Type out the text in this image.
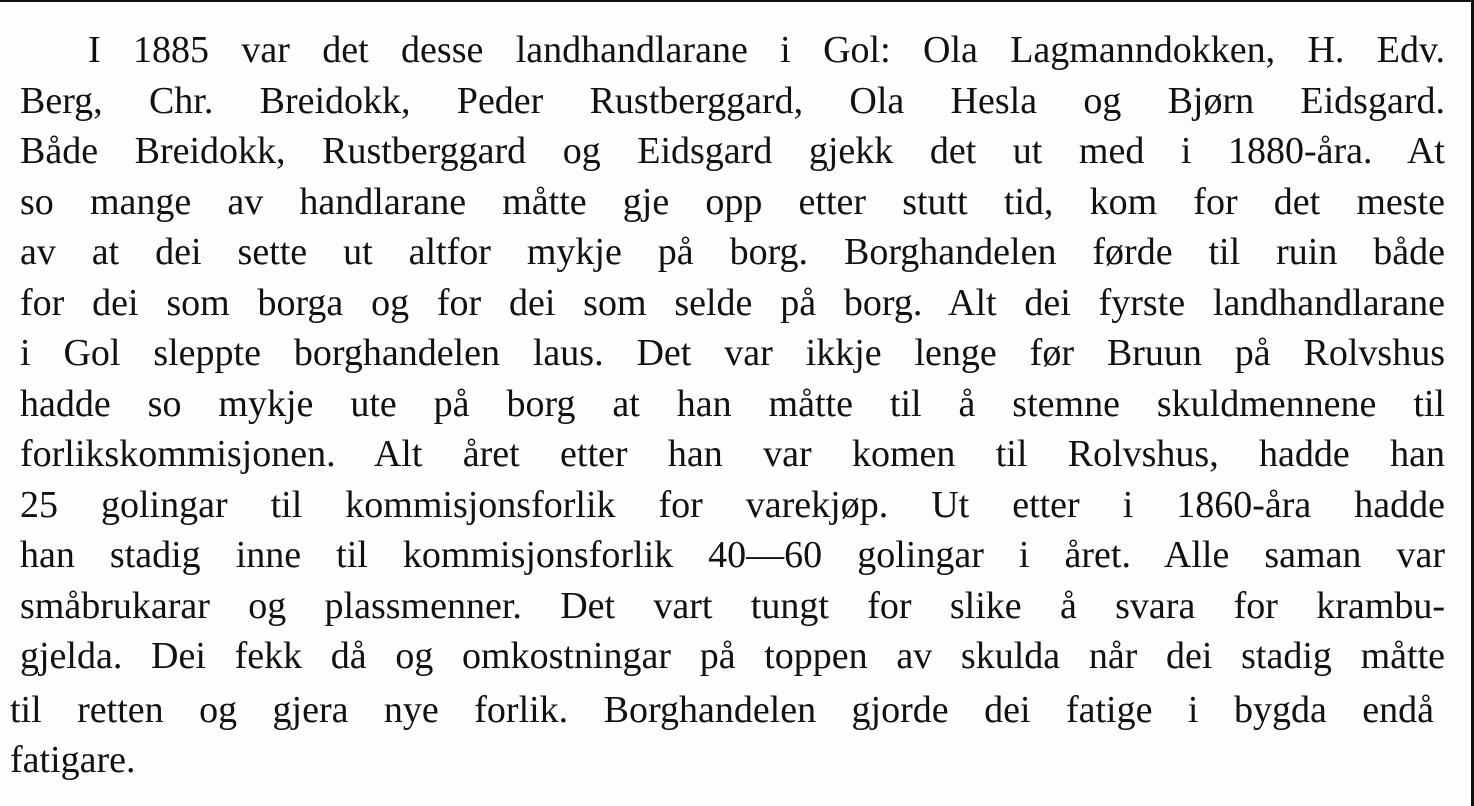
I 1885 var det desse landhandlarane i Gol: Ola Lagmanndokken, H. Edv.

Berg, Chr. Breidokk, Peder Rustberggard, Ola Hesla og Bjørn Eidsgard.

Både Breidokk, Rustberggard og Eidsgard gjekk det ut med i 1880-åra. At

so mange av handlarane måtte gje opp etter stutt tid, kom for det meste

av at dei sette ut altfor mykje på borg. Borghandelen førde til ruin både

for dei som borga og for dei som selde på borg. Alt dei fyrste landhandlarane

i Gol sleppte borghandelen laus. Det var ikkje lenge før Bruun på Rolvshus

hadde so mykje ute på borg at han måtte til å stemne skuldmennene til

forlikskommisjonen. Alt året etter han var komen til Rolvshus, hadde han

25 golingar til kommisjonsforlik for varekjøp. Ut etter i 1860-åra hadde

han stadig inne til kommisjonsforlik 40—60 golingar i året. Alle saman var

småbrukarar og plassmenner. Det vart tungt for slike å svara for krambu-

gjelda. Dei fekk då og omkostningar på toppen av skulda når dei stadig måtte

til retten og gjera nye forlik. Borghandelen gjorde dei fatige i bygda endå

fatigare.
